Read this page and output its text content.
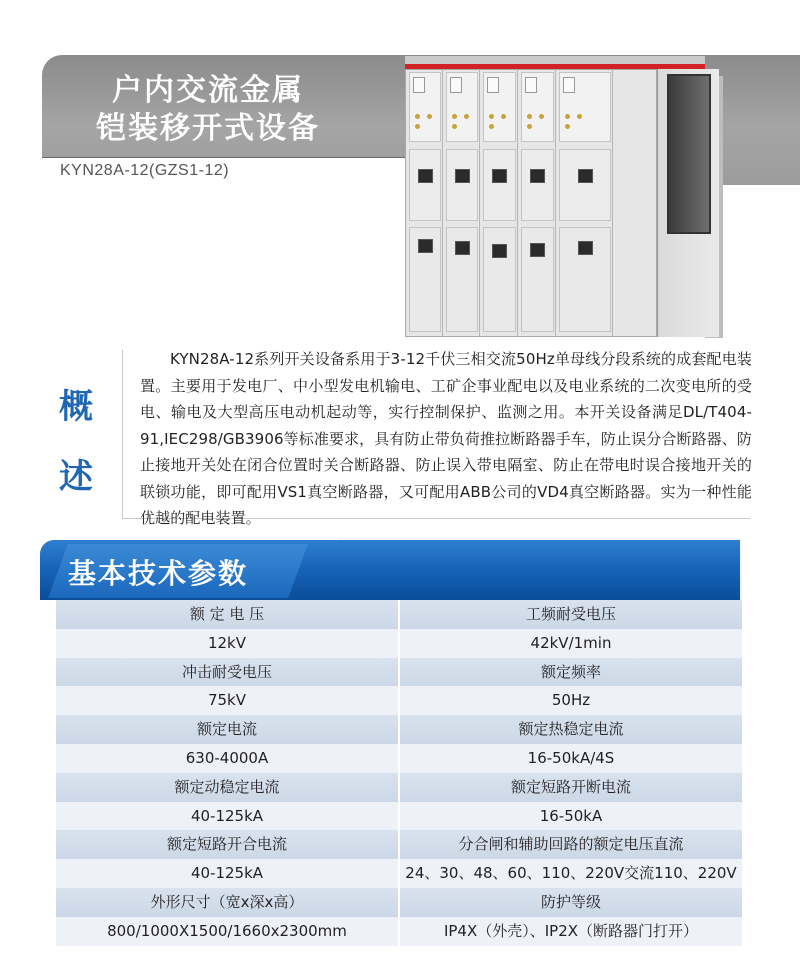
户内交流金属
铠装移开式设备
KYN28A-12(GZS1-12)
概
述

KYN28A-12系列开关设备系用于3-12千伏三相交流50Hz单母线分段系统的成套配电装置。主要用于发电厂、中小型发电机输电、工矿企事业配电以及电业系统的二次变电所的受电、输电及大型高压电动机起动等，实行控制保护、监测之用。本开关设备满足DL/T404-91,IEC298/GB3906等标准要求，具有防止带负荷推拉断路器手车，防止误分合断路器、防止接地开关处在闭合位置时关合断路器、防止误入带电隔室、防止在带电时误合接地开关的联锁功能，即可配用VS1真空断路器，又可配用ABB公司的VD4真空断路器。实为一种性能优越的配电装置。

基本技术参数
额 定 电 压	工频耐受电压
12kV	42kV/1min
冲击耐受电压	额定频率
75kV	50Hz
额定电流	额定热稳定电流
630-4000A	16-50kA/4S
额定动稳定电流	额定短路开断电流
40-125kA	16-50kA
额定短路开合电流	分合闸和辅助回路的额定电压直流
40-125kA	24、30、48、60、110、220V交流110、220V
外形尺寸（宽x深x高）	防护等级
800/1000X1500/1660x2300mm	IP4X（外壳）、IP2X（断路器门打开）
